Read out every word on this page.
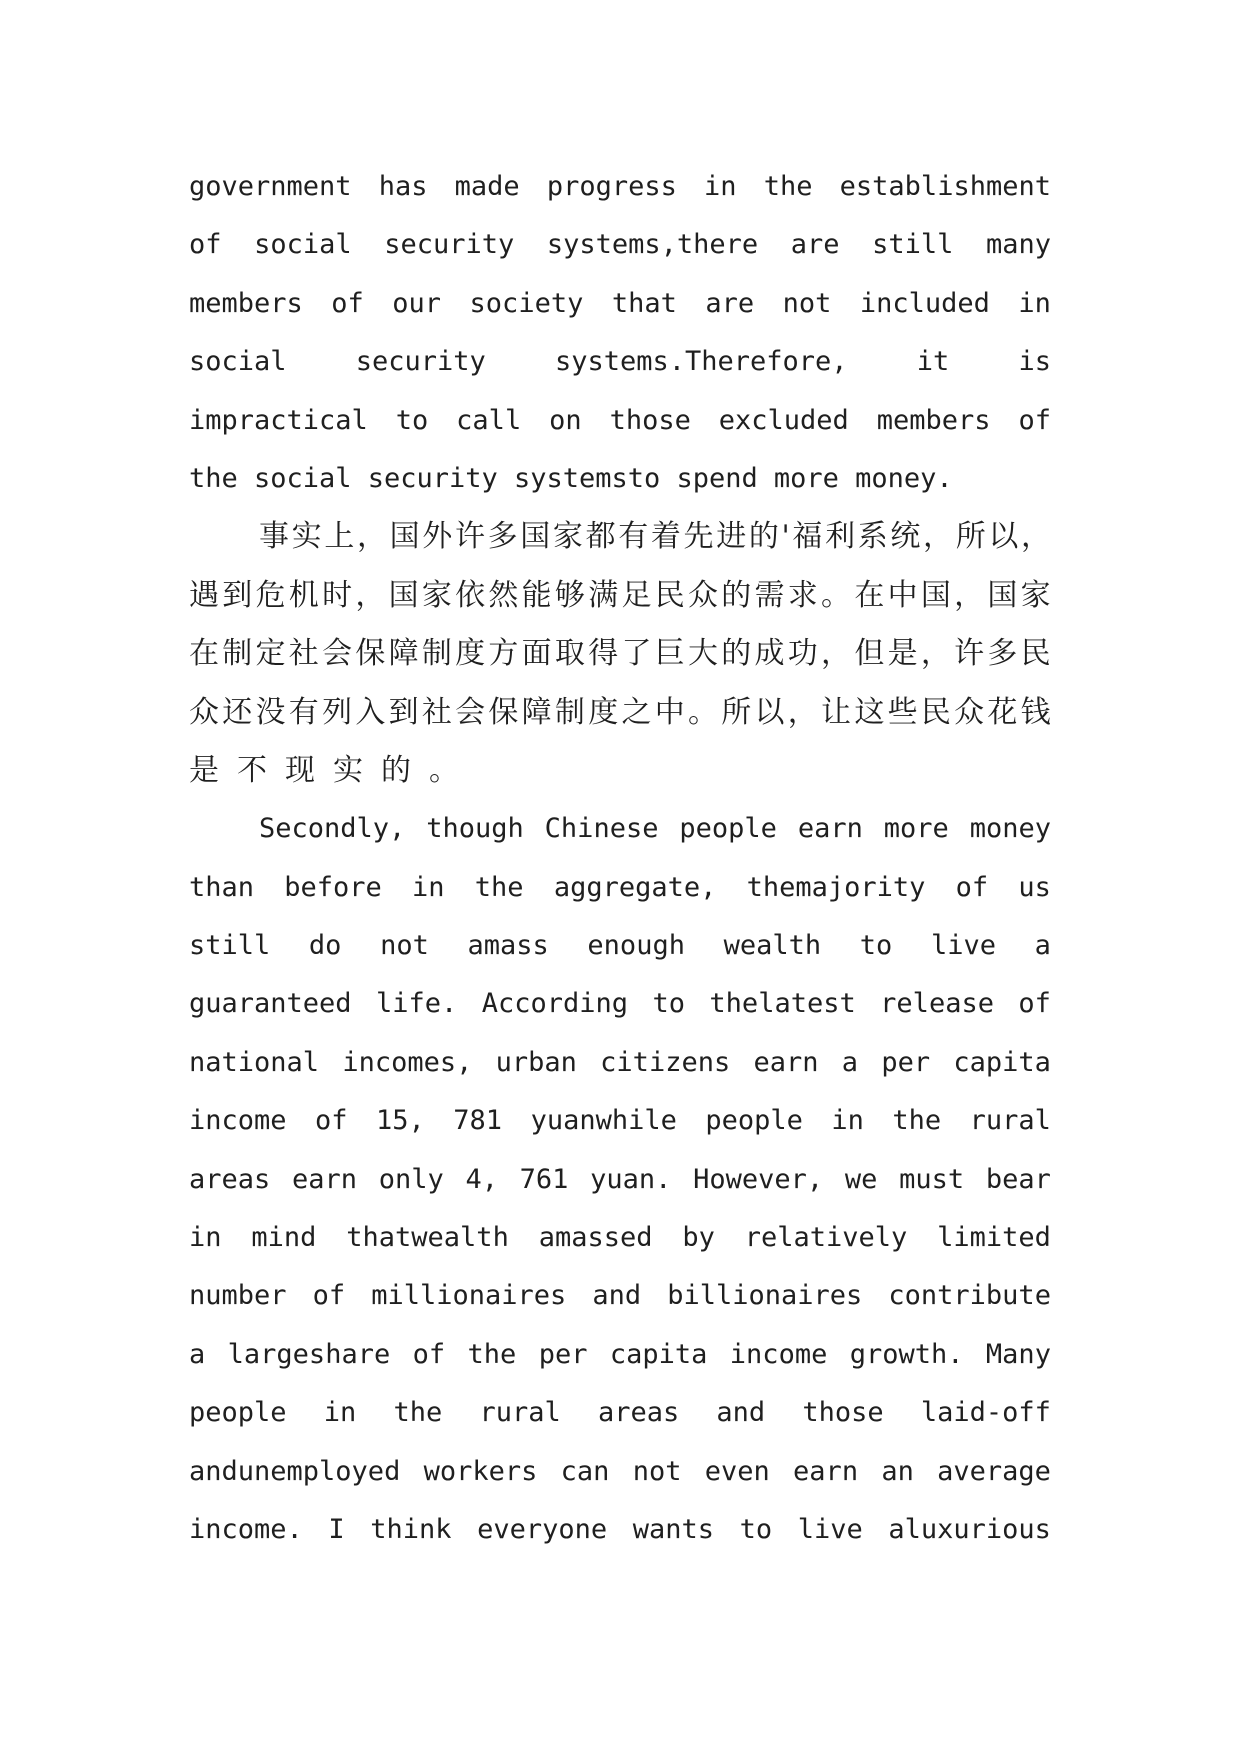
government has made progress in the establishment
of social security systems,there are still many
members of our society that are not included in
social	security	systems.Therefore,	it	is
impractical to call on those excluded members of
the social security systemsto spend more money.
事 实 上 ， 国 外 许 多 国 家 都 有 着 先 进 的 ' 福 利 系 统 ， 所 以 ，
遇 到 危 机 时 ， 国 家 依 然 能 够 满 足 民 众 的 需 求 。 在 中 国 ， 国 家
在 制 定 社 会 保 障 制 度 方 面 取 得 了 巨 大 的 成 功 ， 但 是 ， 许 多 民
众 还 没 有 列 入 到 社 会 保 障 制 度 之 中 。 所 以 ， 让 这 些 民 众 花 钱
是 不 现 实 的 。
Secondly, though Chinese people earn more money
than before in the aggregate, themajority of us
still do not amass enough wealth to live a
guaranteed life. According to thelatest release of
national incomes, urban citizens earn a per capita
income of 15, 781 yuanwhile people in the rural
areas earn only 4, 761 yuan. However, we must bear
in mind thatwealth amassed by relatively limited
number of millionaires and billionaires contribute
a largeshare of the per capita income growth. Many
people in the rural areas and those laid-off
andunemployed workers can not even earn an average
income. I think everyone wants to live aluxurious
